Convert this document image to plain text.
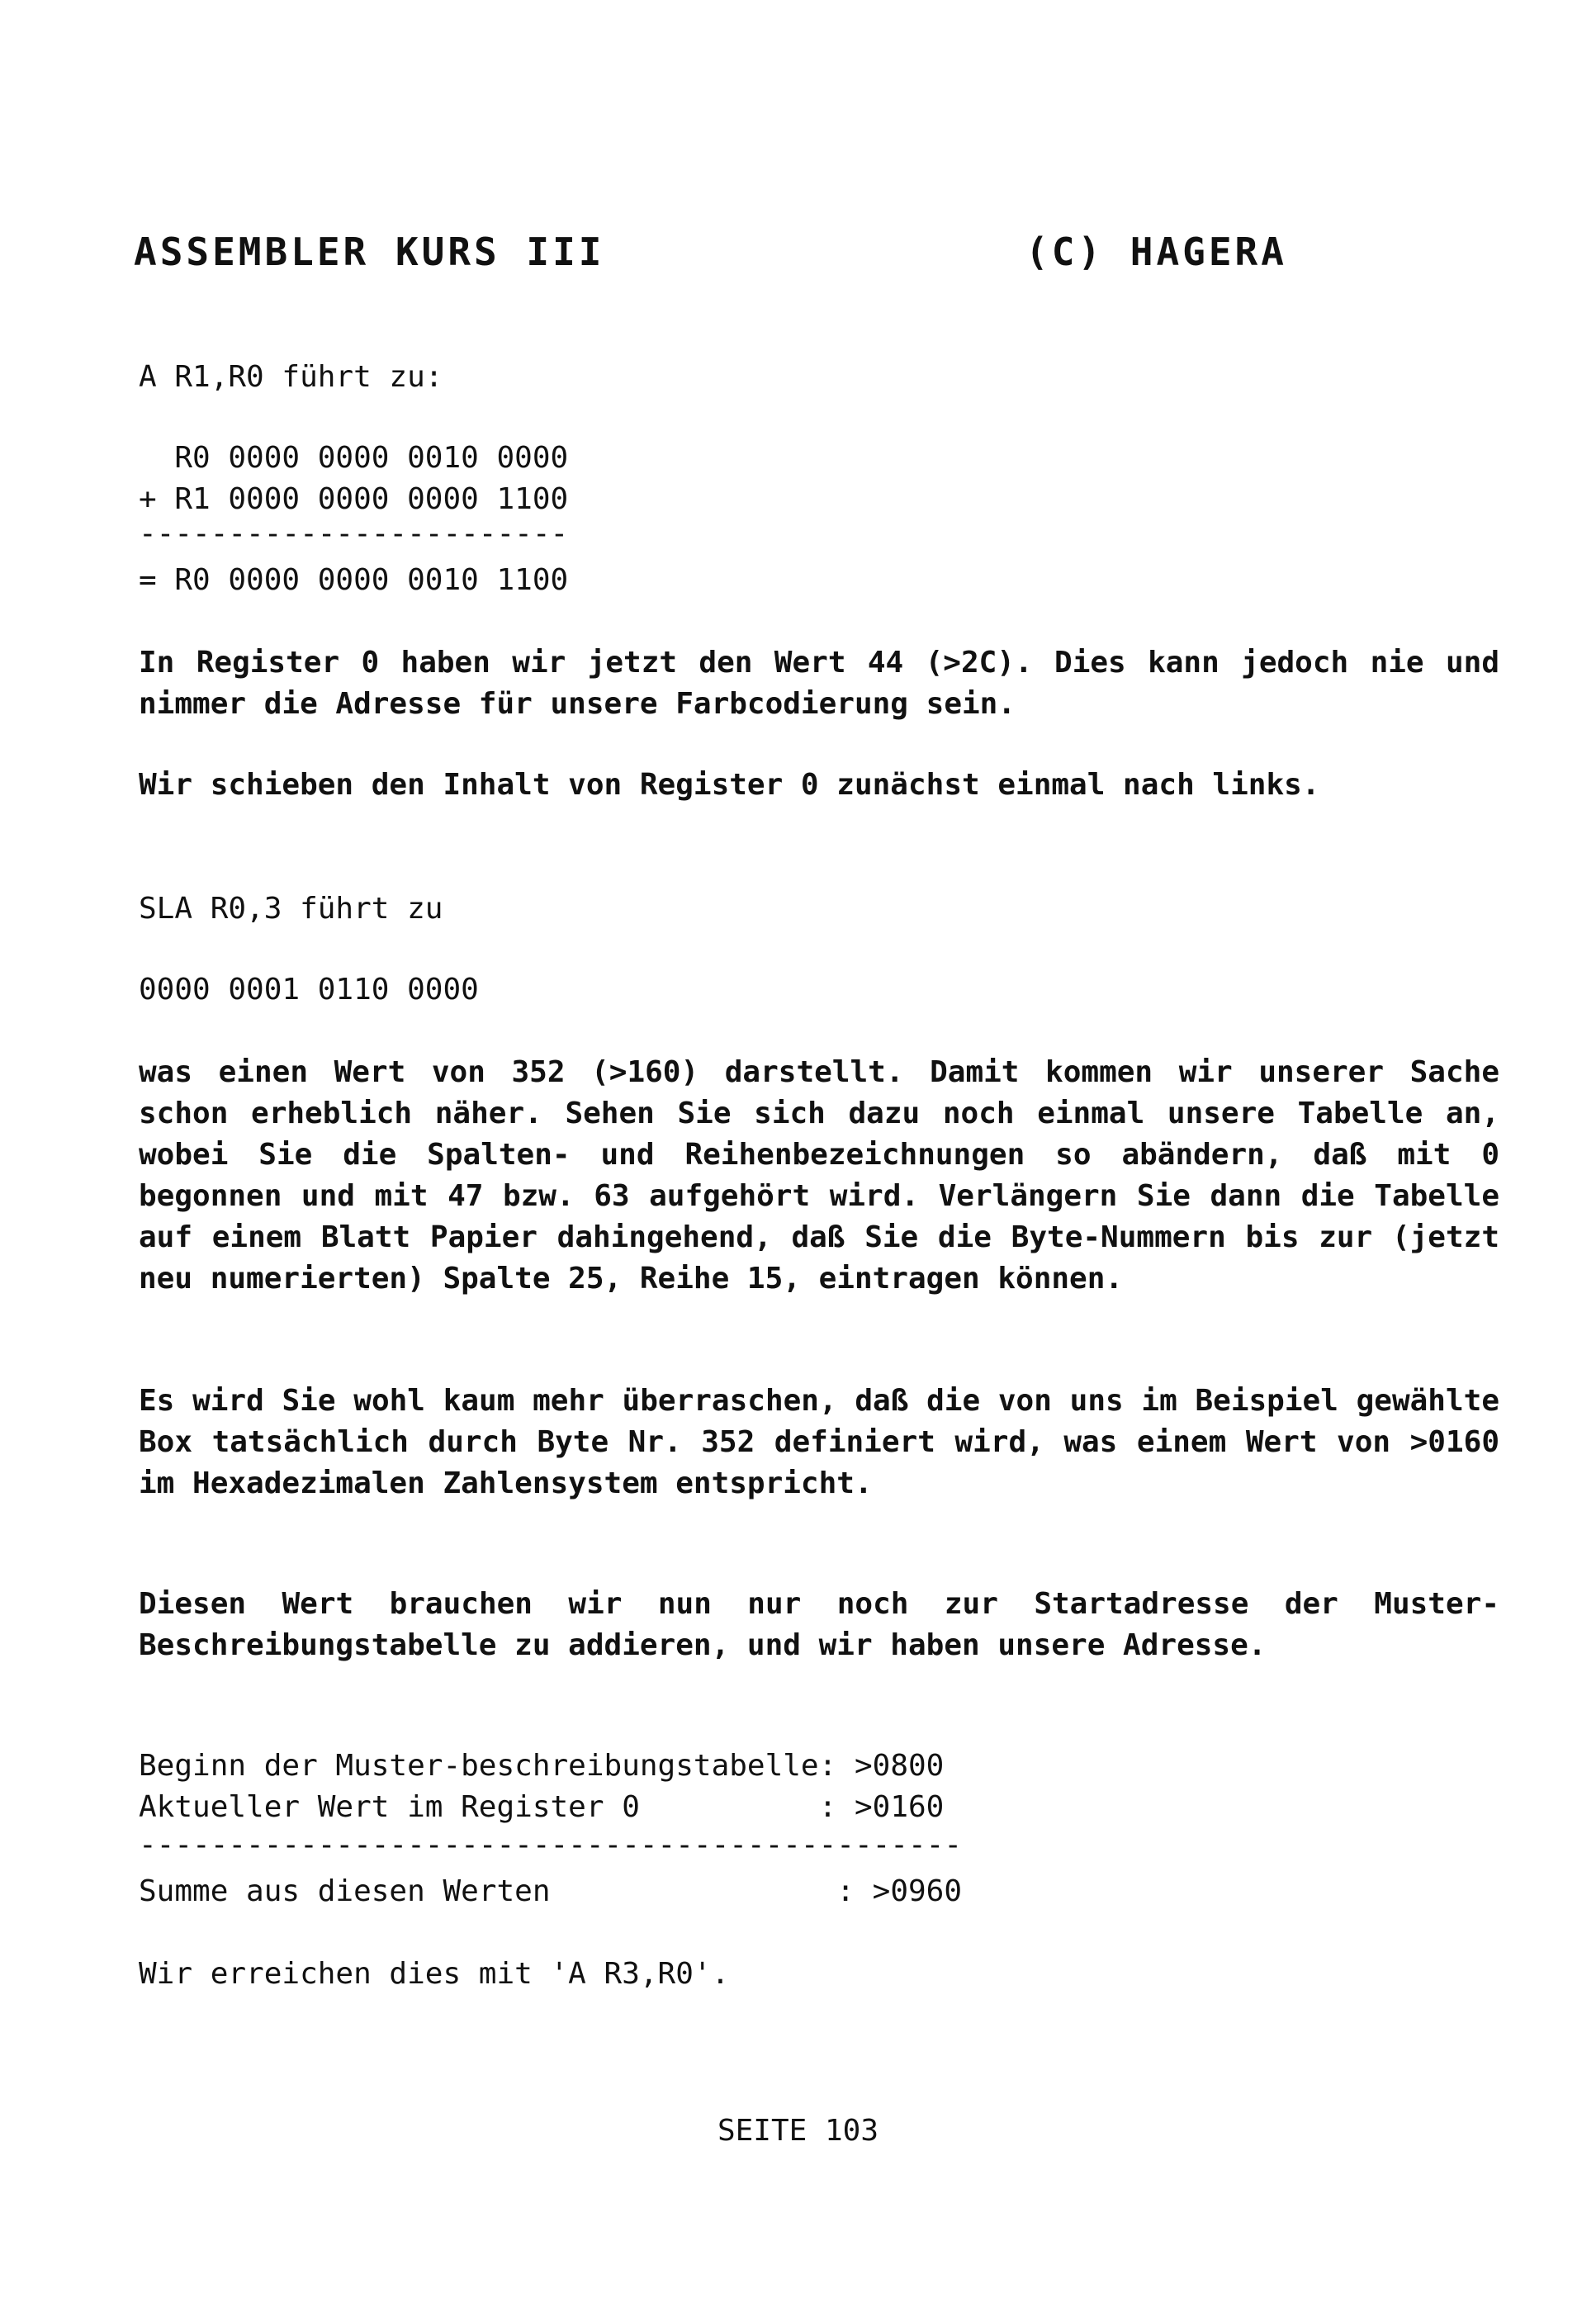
ASSEMBLER KURS III	(C) HAGERA
A R1,R0 führt zu:
R0 0000 0000 0010 0000
+ R1 0000 0000 0000 1100
------------------------
= R0 0000 0000 0010 1100
In Register 0 haben wir jetzt den Wert 44 (>2C). Dies kann jedoch nie und nimmer die Adresse für unsere Farbcodierung sein.
Wir schieben den Inhalt von Register 0 zunächst einmal nach links.
SLA R0,3 führt zu
0000 0001 0110 0000
was einen Wert von 352 (>160) darstellt. Damit kommen wir unserer Sache schon erheblich näher. Sehen Sie sich dazu noch einmal unsere Tabelle an, wobei Sie die Spalten- und Reihenbezeichnungen so abändern, daß mit 0 begonnen und mit 47 bzw. 63 aufgehört wird. Verlängern Sie dann die Tabelle auf einem Blatt Papier dahingehend, daß Sie die Byte-Nummern bis zur (jetzt neu numerierten) Spalte 25, Reihe 15, eintragen können.
Es wird Sie wohl kaum mehr überraschen, daß die von uns im Beispiel gewählte Box tatsächlich durch Byte Nr. 352 definiert wird, was einem Wert von >0160 im Hexadezimalen Zahlensystem entspricht.
Diesen Wert brauchen wir nun nur noch zur Startadresse der Muster-Beschreibungstabelle zu addieren, und wir haben unsere Adresse.
Beginn der Muster-beschreibungstabelle: >0800
Aktueller Wert im Register 0          : >0160
----------------------------------------------
Summe aus diesen Werten                : >0960
Wir erreichen dies mit 'A R3,R0'.
SEITE 103
